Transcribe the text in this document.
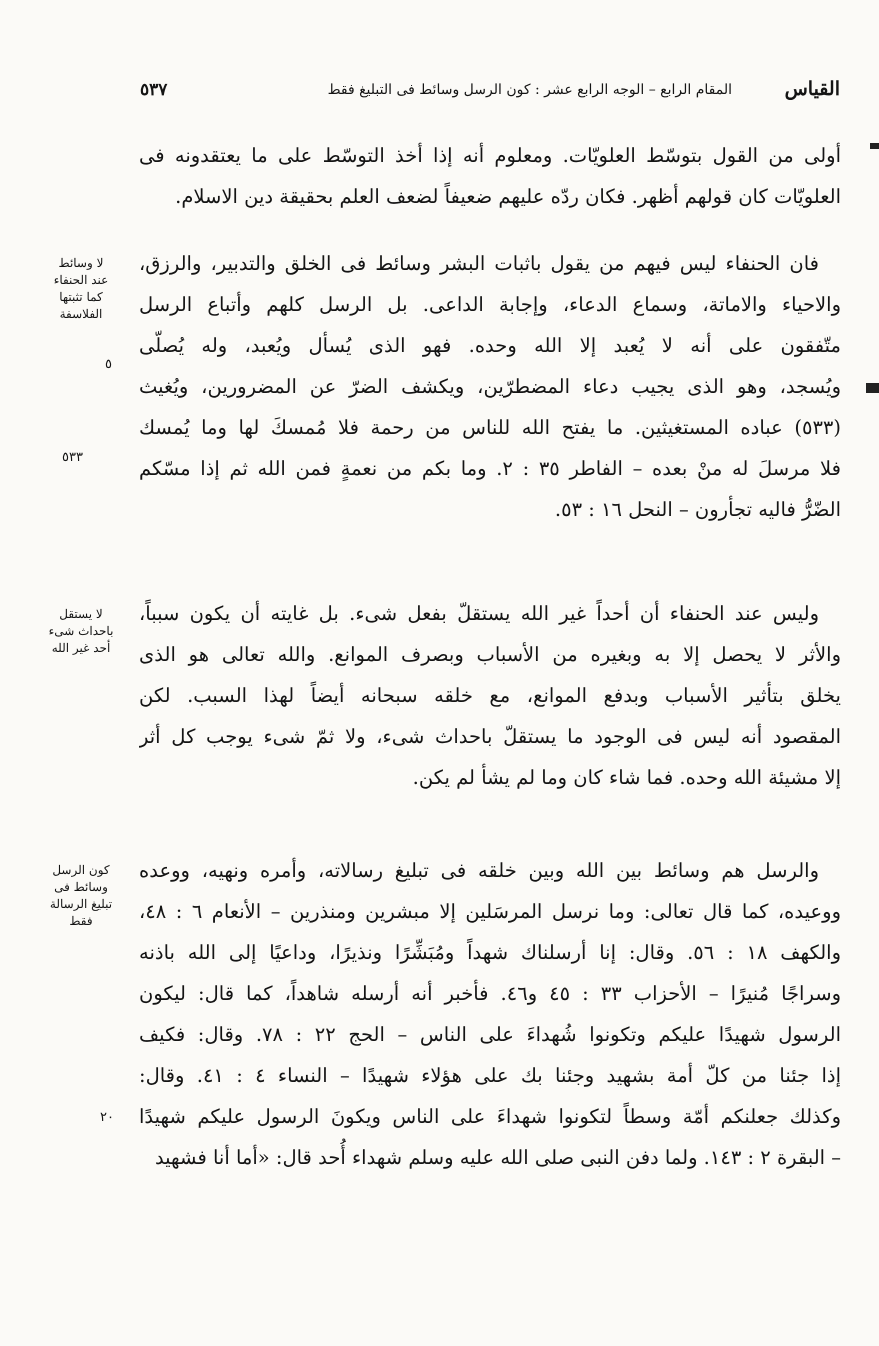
٥٣٧	المقام الرابع – الوجه الرابع عشر : كون الرسل وسائط فى التبليغ فقط	القياس
أولى من القول بتوسّط العلويّات. ومعلوم أنه إذا أخذ التوسّط على ما يعتقدونه فى
العلويّات كان قولهم أظهر. فكان ردّه عليهم ضعيفاً لضعف العلم بحقيقة دين الاسلام.
فان الحنفاء ليس فيهم من يقول باثبات البشر وسائط فى الخلق والتدبير، والرزق،
والاحياء والاماتة، وسماع الدعاء، وإجابة الداعى. بل الرسل كلهم وأتباع الرسل
متّفقون على أنه لا يُعبد إلا الله وحده. فهو الذى يُسأل ويُعبد، وله يُصلّى
ويُسجد، وهو الذى يجيب دعاء المضطرّين، ويكشف الضرّ عن المضرورين، ويُغيث
(٥٣٣) عباده المستغيثين. ما يفتح الله للناس من رحمة فلا مُمسكَ لها وما يُمسك
فلا مرسلَ له منْ بعده – الفاطر ٣٥ : ٢. وما بكم من نعمةٍ فمن الله ثم إذا مسّكم
الضّرُّ فاليه تجأرون – النحل ١٦ : ٥٣.
وليس عند الحنفاء أن أحداً غير الله يستقلّ بفعل شىء. بل غايته أن يكون سبباً،
والأثر لا يحصل إلا به وبغيره من الأسباب وبصرف الموانع. والله تعالى هو الذى
يخلق بتأثير الأسباب وبدفع الموانع، مع خلقه سبحانه أيضاً لهذا السبب. لكن
المقصود أنه ليس فى الوجود ما يستقلّ باحداث شىء، ولا ثمّ شىء يوجب كل أثر
إلا مشيئة الله وحده. فما شاء كان وما لم يشأ لم يكن.
والرسل هم وسائط بين الله وبين خلقه فى تبليغ رسالاته، وأمره ونهيه، ووعده
ووعيده، كما قال تعالى: وما نرسل المرسَلين إلا مبشرين ومنذرين – الأنعام ٦ : ٤٨،
والكهف ١٨ : ٥٦. وقال: إنا أرسلناك شهداً ومُبَشِّرًا ونذيرًا، وداعيًا إلى الله باذنه
وسراجًا مُنيرًا – الأحزاب ٣٣ : ٤٥ و٤٦. فأخبر أنه أرسله شاهداً، كما قال: ليكون
الرسول شهيدًا عليكم وتكونوا شُهداءَ على الناس – الحج ٢٢ : ٧٨. وقال: فكيف
إذا جئنا من كلّ أمة بشهيد وجئنا بك على هؤلاء شهيدًا – النساء ٤ : ٤١. وقال:
وكذلك جعلنكم أمّة وسطاً لتكونوا شهداءَ على الناس ويكونَ الرسول عليكم شهيدًا
– البقرة ٢ : ١٤٣. ولما دفن النبى صلى الله عليه وسلم شهداء أُحد قال: «أما أنا فشهيد
لا وسائط
عند الحنفاء
كما تثبتها
الفلاسفة
لا يستقل
باحداث شىء
أحد غير الله
كون الرسل
وسائط فى
تبليغ الرسالة
فقط
٥
٥٣٣
٢٠
